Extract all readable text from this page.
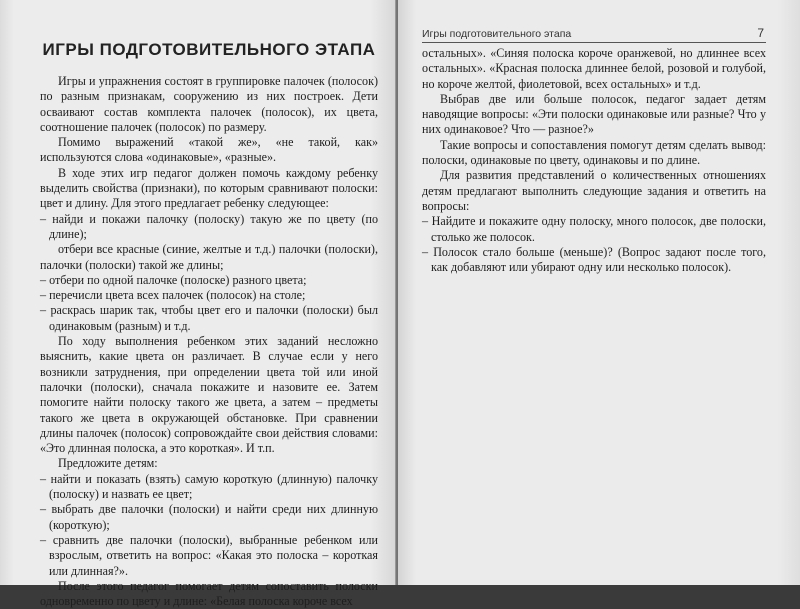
ИГРЫ ПОДГОТОВИТЕЛЬНОГО ЭТАПА

Игры и упражнения состоят в группировке палочек (полосок) по разным признакам, сооружению из них построек. Дети осваивают состав комплекта палочек (полосок), их цвета, соотношение палочек (полосок) по размеру.

Помимо выражений «такой же», «не такой, как» используются слова «одинаковые», «разные».

В ходе этих игр педагог должен помочь каждому ребенку выделить свойства (признаки), по которым сравнивают полоски: цвет и длину. Для этого предлагает ребенку следующее:

– найди и покажи палочку (полоску) такую же по цвету (по длине);

отбери все красные (синие, желтые и т.д.) палочки (полоски), палочки (полоски) такой же длины;

– отбери по одной палочке (полоске) разного цвета;

– перечисли цвета всех палочек (полосок) на столе;

– раскрась шарик так, чтобы цвет его и палочки (полоски) был одинаковым (разным) и т.д.

По ходу выполнения ребенком этих заданий несложно выяснить, какие цвета он различает. В случае если у него возникли затруднения, при определении цвета той или иной палочки (полоски), сначала покажите и назовите ее. Затем помогите найти полоску такого же цвета, а затем – предметы такого же цвета в окружающей обстановке. При сравнении длины палочек (полосок) сопровождайте свои действия словами: «Это длинная полоска, а это короткая». И т.п.

Предложите детям:

– найти и показать (взять) самую короткую (длинную) палочку (полоску) и назвать ее цвет;

– выбрать две палочки (полоски) и найти среди них длинную (короткую);

– сравнить две палочки (полоски), выбранные ребенком или взрослым, ответить на вопрос: «Какая это полоска – короткая или длинная?».

После этого педагог помогает детям сопоставить полоски одновременно по цвету и длине: «Белая полоска короче всех

Игры подготовительного этапа	7

остальных». «Синяя полоска короче оранжевой, но длиннее всех остальных». «Красная полоска длиннее белой, розовой и голубой, но короче желтой, фиолетовой, всех остальных» и т.д.

Выбрав две или больше полосок, педагог задает детям наводящие вопросы: «Эти полоски одинаковые или разные? Что у них одинаковое? Что — разное?»

Такие вопросы и сопоставления помогут детям сделать вывод: полоски, одинаковые по цвету, одинаковы и по длине.

Для развития представлений о количественных отношениях детям предлагают выполнить следующие задания и ответить на вопросы:

– Найдите и покажите одну полоску, много полосок, две полоски, столько же полосок.

– Полосок стало больше (меньше)? (Вопрос задают после того, как добавляют или убирают одну или несколько полосок).
